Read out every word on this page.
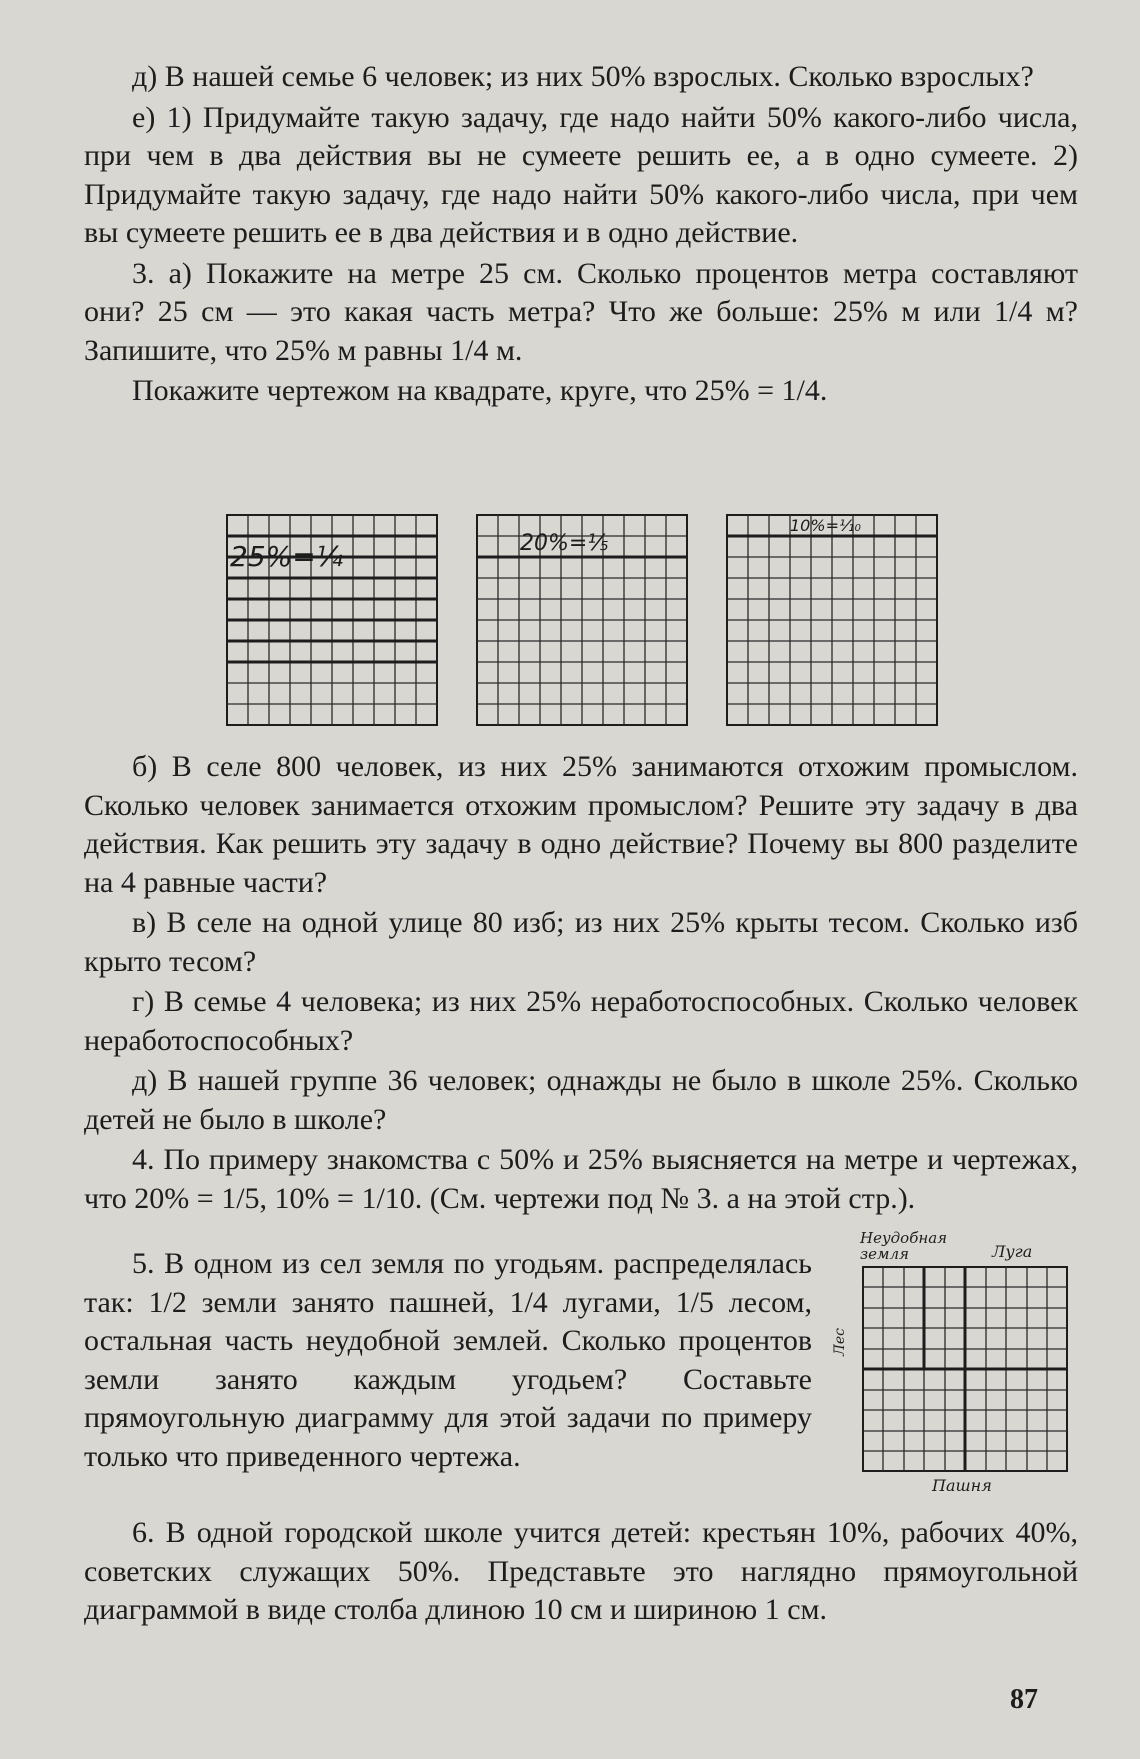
д) В нашей семье 6 человек; из них 50% взрослых. Сколько взрослых?

е) 1) Придумайте такую задачу, где надо найти 50% какого-либо числа, при чем в два действия вы не сумеете решить ее, а в одно сумеете. 2) Придумайте такую задачу, где надо найти 50% какого-либо числа, при чем вы сумеете решить ее в два действия и в одно действие.

3. а) Покажите на метре 25 см. Сколько процентов метра составляют они? 25 см — это какая часть метра? Что же больше: 25% м или 1/4 м? Запишите, что 25% м равны 1/4 м.

Покажите чертежом на квадрате, круге, что 25% = 1/4.

25%=¼	20%=⅕
10%=⅒

б) В селе 800 человек, из них 25% занимаются отхожим промыслом. Сколько человек занимается отхожим промыслом? Решите эту задачу в два действия. Как решить эту задачу в одно действие? Почему вы 800 разделите на 4 равные части?

в) В селе на одной улице 80 изб; из них 25% крыты тесом. Сколько изб крыто тесом?

г) В семье 4 человека; из них 25% неработоспособных. Сколько человек неработоспособных?

д) В нашей группе 36 человек; однажды не было в школе 25%. Сколько детей не было в школе?

4. По примеру знакомства с 50% и 25% выясняется на метре и чертежах, что 20% = 1/5, 10% = 1/10. (См. чертежи под № 3. а на этой стр.).

5. В одном из сел земля по угодьям. распределялась так: 1/2 земли занято пашней, 1/4 лугами, 1/5 лесом, остальная часть неудобной землей. Сколько процентов земли занято каждым угодьем? Составьте прямоугольную диаграмму для этой задачи по примеру только что приведенного чертежа.

Неудобная земля	Луга
Лес
Пашня

6. В одной городской школе учится детей: крестьян 10%, рабочих 40%, советских служащих 50%. Представьте это наглядно прямоугольной диаграммой в виде столба длиною 10 см и шириною 1 см.

87
